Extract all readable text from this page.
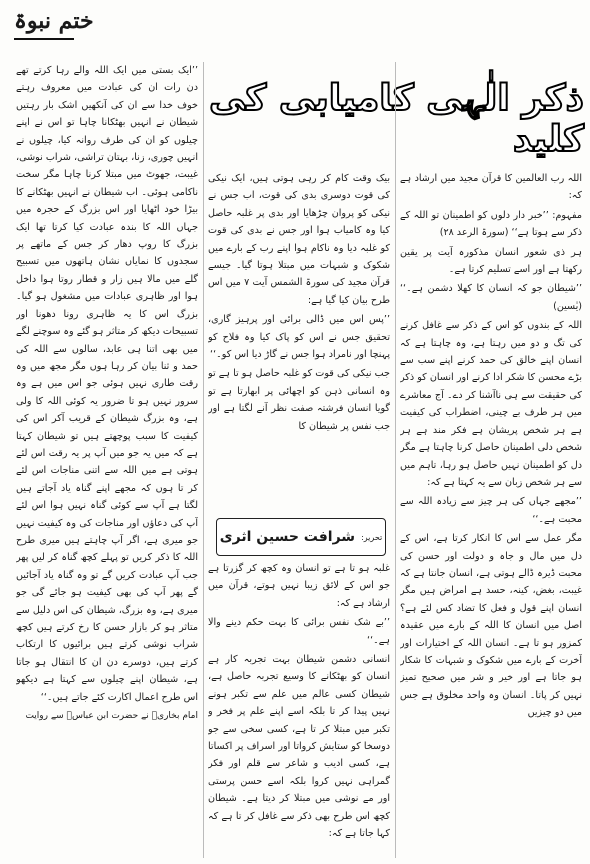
ختم نبوۃ
ذکر الٰہی کامیابی کی کلید

اللہ رب العالمین کا قرآن مجید میں ارشاد ہے کہ:

مفہوم: ’’خبر دار دلوں کو اطمینان تو اللہ کے ذکر سے ہوتا ہے‘‘ (سورۃ الرعد ۲۸)

ہر ذی شعور انسان مذکورہ آیت پر یقین رکھتا ہے اور اسے تسلیم کرتا ہے۔

’’شیطان جو کہ انسان کا کھلا دشمن ہے۔‘‘ (یٰسین)

اللہ کے بندوں کو اس کے ذکر سے غافل کرنے کی تگ و دو میں رہتا ہے، وہ چاہتا ہے کہ انسان اپنے خالق کی حمد کرنے اپنے سب سے بڑے محسن کا شکر ادا کرنے اور انسان کو ذکر کی حقیقت سے ہی ناآشنا کر دے۔ آج معاشرے میں ہر طرف بے چینی، اضطراب کی کیفیت ہے ہر شخص پریشان ہے فکر مند ہے ہر شخص دلی اطمینان حاصل کرنا چاہتا ہے مگر دل کو اطمینان نہیں حاصل ہو رہا، تاہم میں سے ہر شخص زبان سے یہ کہتا ہے کہ:

’’مجھے جہاں کی ہر چیز سے زیادہ اللہ سے محبت ہے۔‘‘

مگر عمل سے اس کا انکار کرتا ہے، اس کے دل میں مال و جاہ و دولت اور حسن کی محبت ڈیرہ ڈالے ہوتی ہے، انسان جانتا ہے کہ غیبت، بغض، کینہ، حسد ہے امراض ہیں مگر انسان اپنے قول و فعل کا تضاد کس لئے ہے؟ اصل میں انسان کا اللہ کے بارے میں عقیدہ کمزور ہو تا ہے۔ انسان اللہ کے اختیارات اور آخرت کے بارے میں شکوک و شبہات کا شکار ہو جاتا ہے اور خیر و شر میں صحیح تمیز نہیں کر پاتا۔ انسان وہ واحد مخلوق ہے جس میں دو چیزیں

بیک وقت کام کر رہی ہوتی ہیں، ایک نیکی کی قوت دوسری بدی کی قوت، اب جس نے نیکی کو پروان چڑھایا اور بدی پر غلبہ حاصل کیا وہ کامیاب ہوا اور جس نے بدی کی قوت کو غلبہ دیا وہ ناکام ہوا اپنے رب کے بارے میں شکوک و شبہات میں مبتلا ہوتا گیا۔ جیسے قرآن مجید کی سورۃ الشمس آیت ۷ میں اس طرح بیان کیا گیا ہے:

’’پس اس میں ڈالی برائی اور پرہیز گاری، تحقیق جس نے اس کو پاک کیا وہ فلاح کو پہنچا اور نامراد ہوا جس نے گاڑ دیا اس کو۔‘‘

جب نیکی کی قوت کو غلبہ حاصل ہو تا ہے تو وہ انسانی ذہن کو اچھائی پر ابھارتا ہے تو گویا انسان فرشتہ صفت نظر آنے لگتا ہے اور جب نفس پر شیطان کا

غلبہ ہو تا ہے تو انسان وہ کچھ کر گزرتا ہے جو اس کے لائق زیبا نہیں ہوتے، قرآن میں ارشاد ہے کہ:

’’بے شک نفس برائی کا بہت حکم دینے والا ہے۔‘‘

انسانی دشمن شیطان بہت تجربہ کار ہے انسان کو بھٹکانے کا وسیع تجربہ حاصل ہے، شیطان کسی عالم میں علم سے تکبر ہونے نہیں پیدا کر تا بلکہ اسے اپنے علم پر فخر و تکبر میں مبتلا کر تا ہے، کسی سخی سے جو دوسخا کو ستایش کرواتا اور اسراف پر اکساتا ہے، کسی ادیب و شاعر سے قلم اور فکر گمراہی نہیں کروا بلکہ اسے حسن پرستی اور مے نوشی میں مبتلا کر دیتا ہے۔ شیطان کچھ اس طرح بھی ذکر سے غافل کر تا ہے کہ کہا جاتا ہے کہ:

تحریر:
شرافت حسین اثری

’’ایک بستی میں ایک اللہ والے رہا کرتے تھے دن رات ان کی عبادت میں معروف رہتے خوف خدا سے ان کی آنکھیں اشک بار رہتیں شیطان نے انہیں بھٹکانا چاہا تو اس نے اپنے چیلوں کو ان کی طرف روانہ کیا، چیلوں نے انہیں چوری، زنا، بہتان تراشی، شراب نوشی، غیبت، جھوٹ میں مبتلا کرنا چاہا مگر سخت ناکامی ہوئی۔ اب شیطان نے انہیں بھٹکانے کا بیڑا خود اٹھایا اور اس بزرگ کے حجرہ میں جہاں اللہ کا بندہ عبادت کیا کرتا تھا ایک بزرگ کا روپ دھار کر جس کے ماتھے پر سجدوں کا نمایاں نشان ہاتھوں میں تسبیح گلے میں مالا ہیں زار و قطار روتا ہوا داخل ہوا اور ظاہری عبادات میں مشغول ہو گیا۔ بزرگ اس کا یہ ظاہری رونا دھونا اور تسبیحات دیکھ کر متاثر ہو گئے وہ سوچنے لگے میں بھی اتنا ہی عابد، سالوں سے اللہ کی حمد و ثنا بیان کر رہا ہوں مگر مجھ میں وہ رقت طاری نہیں ہوئی جو اس میں ہے وہ سرور نہیں ہو تا ضرور یہ کوئی اللہ کا ولی ہے، وہ بزرگ شیطان کے قریب آکر اس کی کیفیت کا سبب پوچھتے ہیں تو شیطان کہتا ہے کہ میں یہ جو میں آپ پر یہ رقت اس لئے ہوتی ہے میں اللہ سے اتنی مناجات اس لئے کر تا ہوں کہ مجھے اپنے گناہ یاد آجاتے ہیں لگتا ہے آپ سے کوئی گناہ نہیں ہوا اس لئے آپ کی دعاؤں اور مناجات کی وہ کیفیت نہیں جو میری ہے، اگر آپ چاہتے ہیں میری طرح اللہ کا ذکر کریں تو پہلے کچھ گناہ کر لیں پھر جب آپ عبادت کریں گے تو وہ گناہ یاد آجائیں گے پھر آپ کی بھی کیفیت ہو جائے گی جو میری ہے، وہ بزرگ، شیطان کی اس دلیل سے متاثر ہو کر بازار حسن کا رخ کرتے ہیں کچھ شراب نوشی کرتے ہیں برائیوں کا ارتکاب کرتے ہیں، دوسرے دن ان کا انتقال ہو جاتا ہے، شیطان اپنے چیلوں سے کہتا ہے دیکھو اس طرح اعمال اکارت کئے جاتے ہیں۔‘‘

امام بخاریؒ نے حضرت ابن عباسؓ سے روایت
